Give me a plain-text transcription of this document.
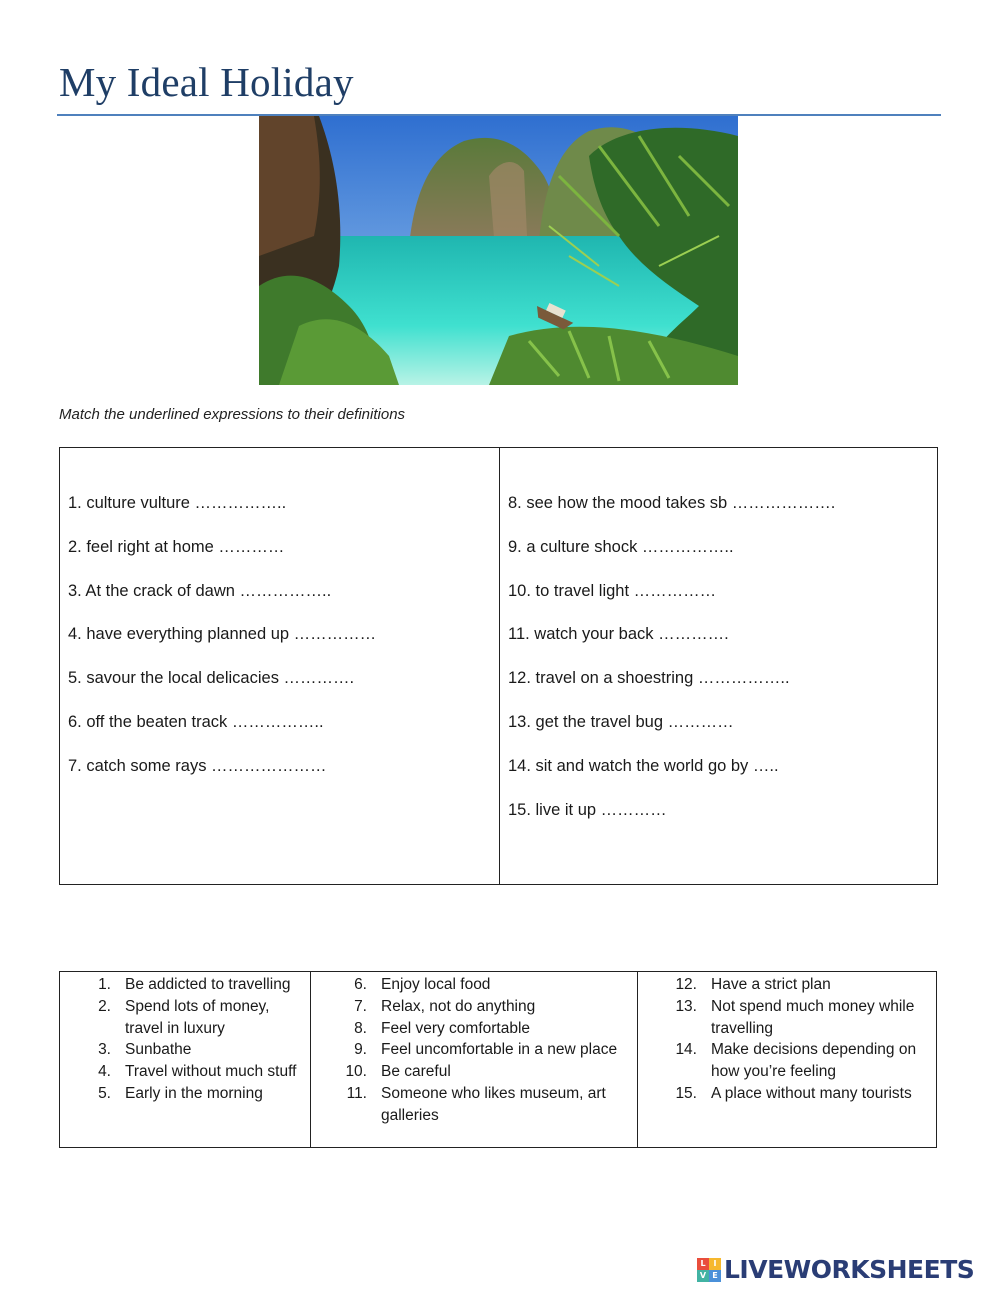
My Ideal Holiday
Match the underlined expressions to their definitions
1. culture vulture ……………..
2. feel right at home …………
3. At the crack of dawn ……………..
4. have everything planned up ……………
5. savour the local delicacies ………….
6. off the beaten track ……………..
7. catch some rays …………………
8. see how the mood takes sb ……………….
9. a culture shock ……………..
10. to travel light ……………
11. watch your back ………….
12. travel on a shoestring ……………..
13. get the travel bug …………
14. sit and watch the world go by …..
15. live it up …………
1. Be addicted to travelling
2. Spend lots of money, travel in luxury
3. Sunbathe
4. Travel without much stuff
5. Early in the morning
6. Enjoy local food
7. Relax, not do anything
8. Feel very comfortable
9. Feel uncomfortable in a new place
10. Be careful
11. Someone who likes museum, art galleries
12. Have a strict plan
13. Not spend much money while travelling
14. Make decisions depending on how you’re feeling
15. A place without many tourists
L I
V E LIVEWORKSHEETS
